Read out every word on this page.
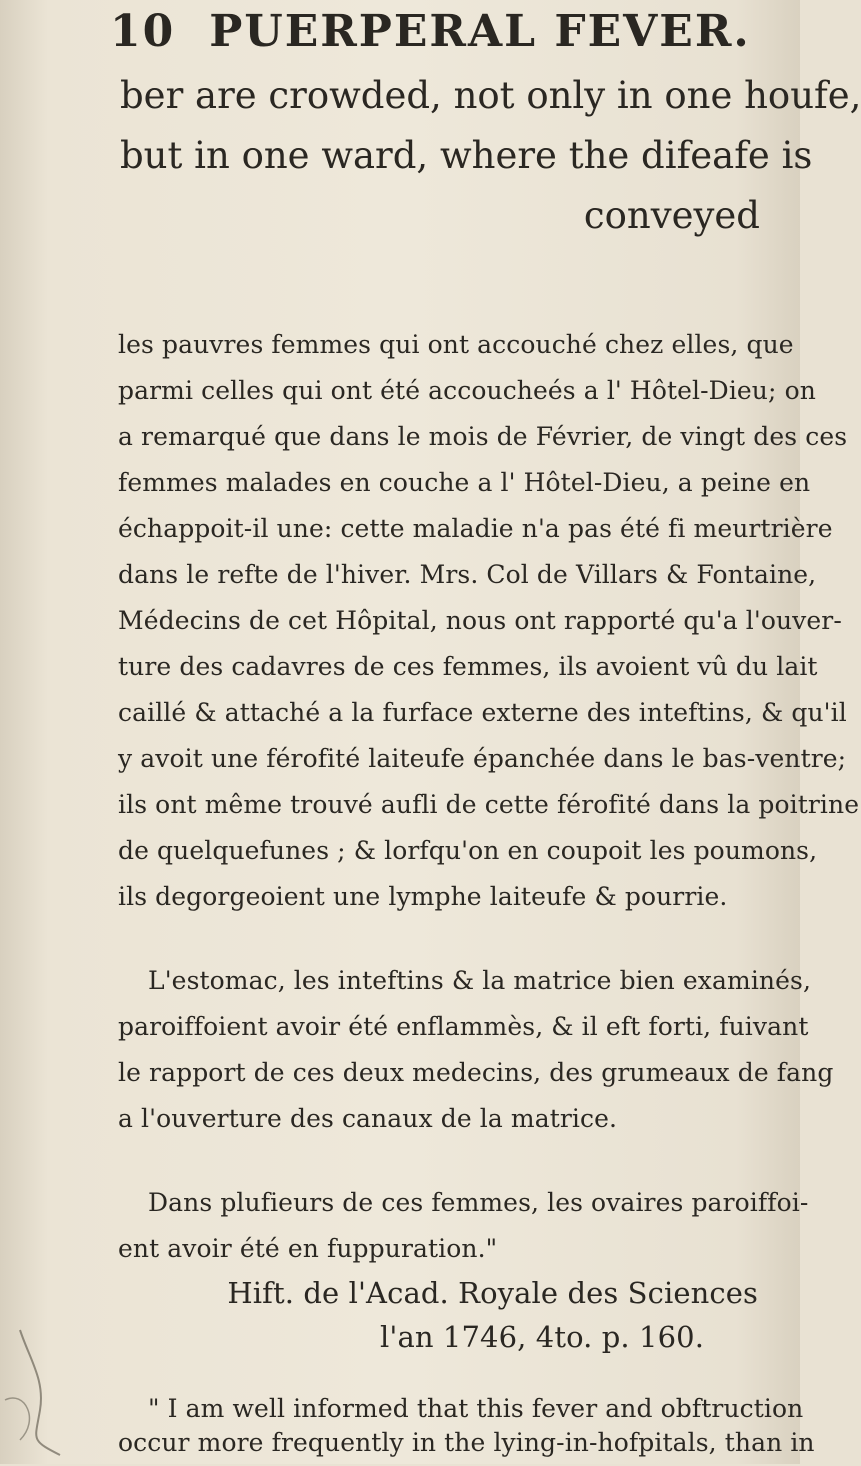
10 PUERPERAL FEVER.
ber are crowded, not only in one houfe,
but in one ward, where the difeafe is
conveyed
les pauvres femmes qui ont accouché chez elles, que
parmi celles qui ont été accoucheés a l' Hôtel-Dieu; on
a remarqué que dans le mois de Février, de vingt des ces
femmes malades en couche a l' Hôtel-Dieu, a peine en
échappoit-il une: cette maladie n'a pas été fi meurtrière
dans le refte de l'hiver. Mrs. Col de Villars & Fontaine,
Médecins de cet Hôpital, nous ont rapporté qu'a l'ouver-
ture des cadavres de ces femmes, ils avoient vû du lait
caillé & attaché a la furface externe des inteftins, & qu'il
y avoit une férofité laiteufe épanchée dans le bas-ventre;
ils ont même trouvé aufli de cette férofité dans la poitrine
de quelquefunes ; & lorfqu'on en coupoit les poumons,
ils degorgeoient une lymphe laiteufe & pourrie.
L'estomac, les inteftins & la matrice bien examinés,
paroiffoient avoir été enflammès, & il eft forti, fuivant
le rapport de ces deux medecins, des grumeaux de fang
a l'ouverture des canaux de la matrice.
Dans plufieurs de ces femmes, les ovaires paroiffoi-
ent avoir été en fuppuration."
Hift. de l'Acad. Royale des Sciences
l'an 1746, 4to. p. 160.
" I am well informed that this fever and obftruction
occur more frequently in the lying-in-hofpitals, than in
